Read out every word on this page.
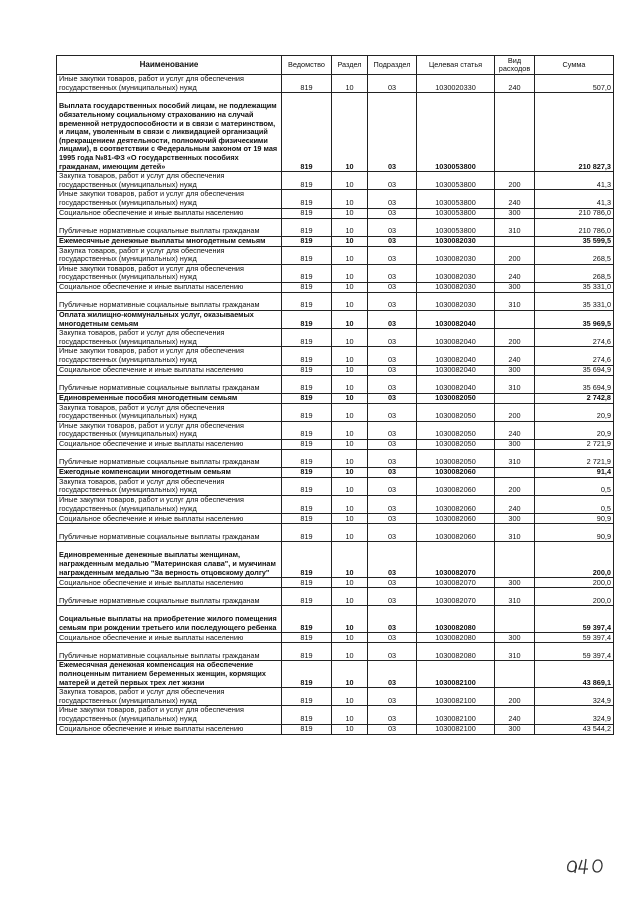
Наименование	Ведомство	Раздел	Подраздел	Целевая статья	Вид расходов	Сумма
Иные закупки товаров, работ и услуг для обеспечения государственных (муниципальных) нужд	819	10	03	1030020330	240	507,0
Выплата государственных пособий лицам, не подлежащим обязательному социальному страхованию на случай временной нетрудоспособности и в связи с материнством, и лицам, уволенным в связи с ликвидацией организаций (прекращением деятельности, полномочий физическими лицами), в соответствии с Федеральным законом от 19 мая 1995 года №81-ФЗ «О государственных пособиях гражданам, имеющим детей»	819	10	03	1030053800		210 827,3
Закупка товаров, работ и услуг для обеспечения государственных (муниципальных) нужд	819	10	03	1030053800	200	41,3
Иные закупки товаров, работ и услуг для обеспечения государственных (муниципальных) нужд	819	10	03	1030053800	240	41,3
Социальное обеспечение и иные выплаты населению	819	10	03	1030053800	300	210 786,0
Публичные нормативные социальные выплаты гражданам	819	10	03	1030053800	310	210 786,0
Ежемесячные денежные выплаты многодетным семьям	819	10	03	1030082030		35 599,5
Закупка товаров, работ и услуг для обеспечения государственных (муниципальных) нужд	819	10	03	1030082030	200	268,5
Иные закупки товаров, работ и услуг для обеспечения государственных (муниципальных) нужд	819	10	03	1030082030	240	268,5
Социальное обеспечение и иные выплаты населению	819	10	03	1030082030	300	35 331,0
Публичные нормативные социальные выплаты гражданам	819	10	03	1030082030	310	35 331,0
Оплата жилищно-коммунальных услуг, оказываемых многодетным семьям	819	10	03	1030082040		35 969,5
Закупка товаров, работ и услуг для обеспечения государственных (муниципальных) нужд	819	10	03	1030082040	200	274,6
Иные закупки товаров, работ и услуг для обеспечения государственных (муниципальных) нужд	819	10	03	1030082040	240	274,6
Социальное обеспечение и иные выплаты населению	819	10	03	1030082040	300	35 694,9
Публичные нормативные социальные выплаты гражданам	819	10	03	1030082040	310	35 694,9
Единовременные пособия многодетным семьям	819	10	03	1030082050		2 742,8
Закупка товаров, работ и услуг для обеспечения государственных (муниципальных) нужд	819	10	03	1030082050	200	20,9
Иные закупки товаров, работ и услуг для обеспечения государственных (муниципальных) нужд	819	10	03	1030082050	240	20,9
Социальное обеспечение и иные выплаты населению	819	10	03	1030082050	300	2 721,9
Публичные нормативные социальные выплаты гражданам	819	10	03	1030082050	310	2 721,9
Ежегодные компенсации многодетным семьям	819	10	03	1030082060		91,4
Закупка товаров, работ и услуг для обеспечения государственных (муниципальных) нужд	819	10	03	1030082060	200	0,5
Иные закупки товаров, работ и услуг для обеспечения государственных (муниципальных) нужд	819	10	03	1030082060	240	0,5
Социальное обеспечение и иные выплаты населению	819	10	03	1030082060	300	90,9
Публичные нормативные социальные выплаты гражданам	819	10	03	1030082060	310	90,9
Единовременные денежные выплаты женщинам, награжденным медалью "Материнская слава", и мужчинам награжденным медалью "За верность отцовскому долгу"	819	10	03	1030082070		200,0
Социальное обеспечение и иные выплаты населению	819	10	03	1030082070	300	200,0
Публичные нормативные социальные выплаты гражданам	819	10	03	1030082070	310	200,0
Социальные выплаты на приобретение жилого помещения семьям при рождении третьего или последующего ребенка	819	10	03	1030082080		59 397,4
Социальное обеспечение и иные выплаты населению	819	10	03	1030082080	300	59 397,4
Публичные нормативные социальные выплаты гражданам	819	10	03	1030082080	310	59 397,4
Ежемесячная денежная компенсация на обеспечение полноценным питанием беременных женщин, кормящих матерей и детей первых трех лет жизни	819	10	03	1030082100		43 869,1
Закупка товаров, работ и услуг для обеспечения государственных (муниципальных) нужд	819	10	03	1030082100	200	324,9
Иные закупки товаров, работ и услуг для обеспечения государственных (муниципальных) нужд	819	10	03	1030082100	240	324,9
Социальное обеспечение и иные выплаты населению	819	10	03	1030082100	300	43 544,2
